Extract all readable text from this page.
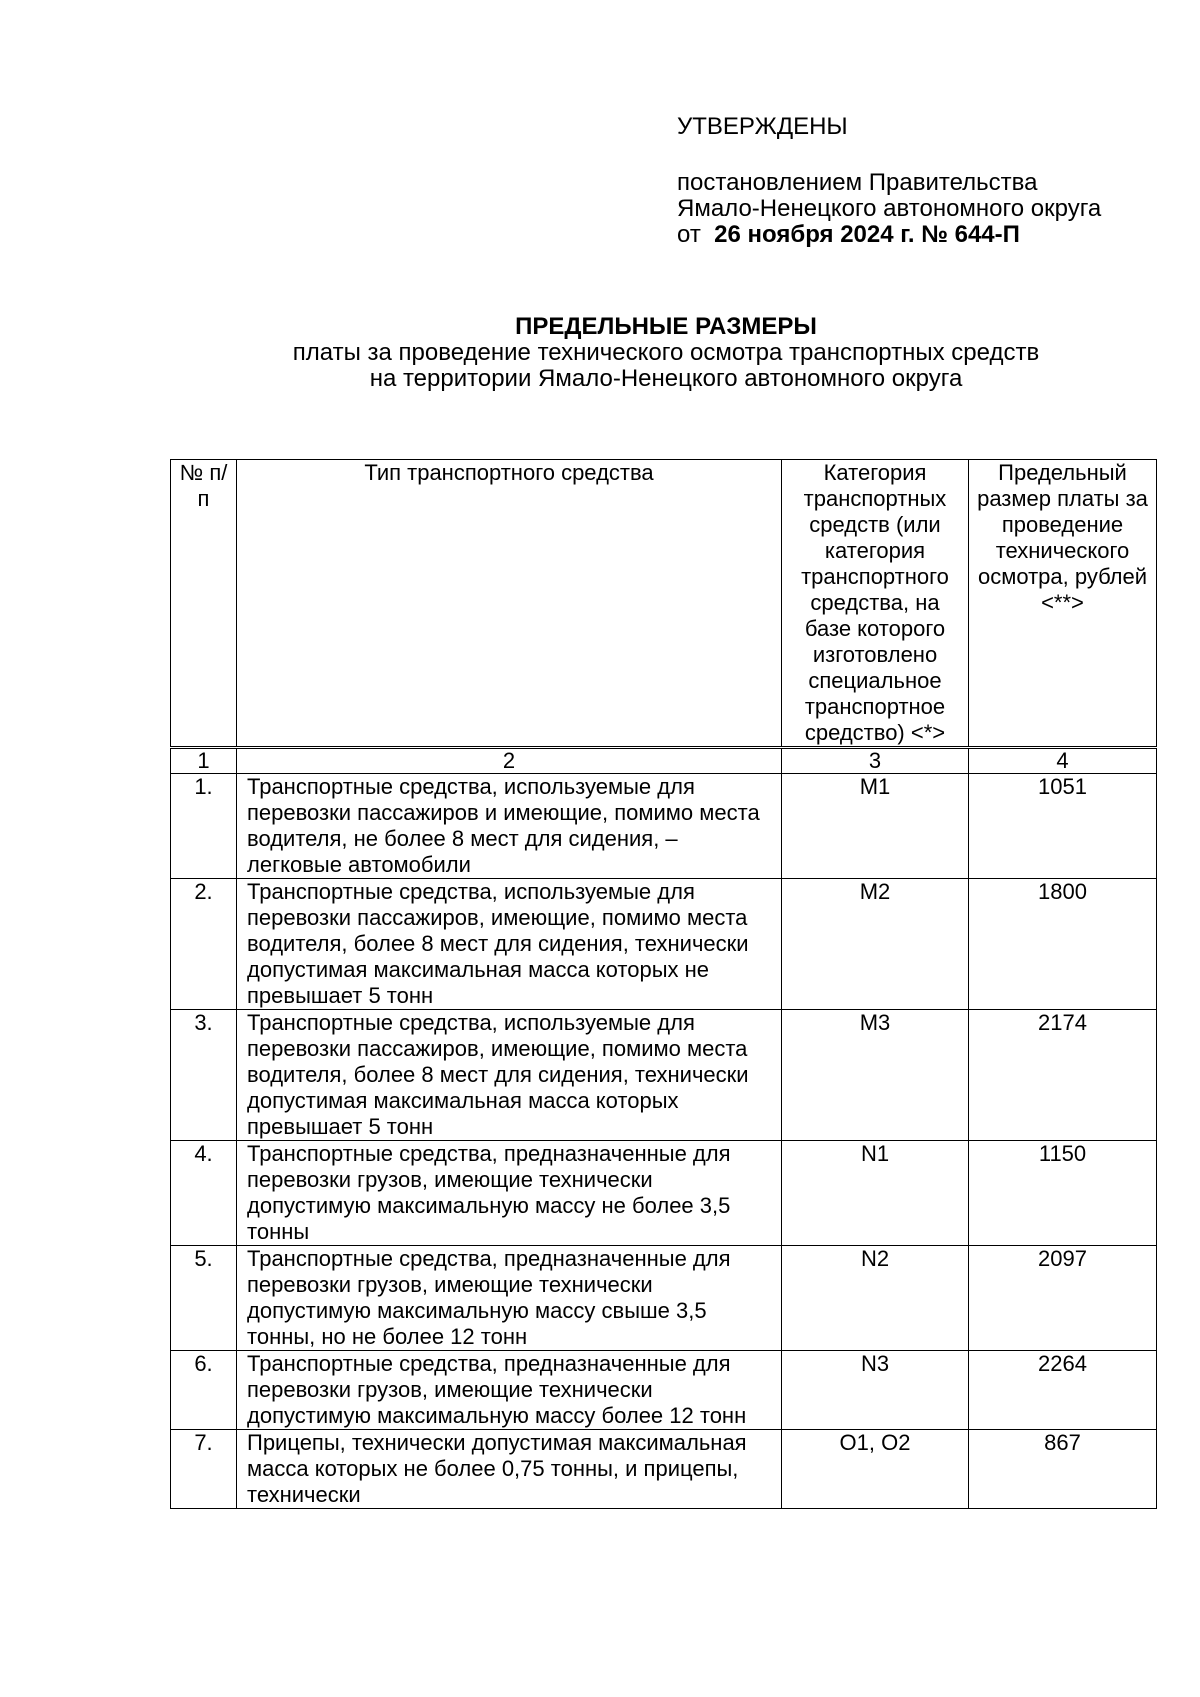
УТВЕРЖДЕНЫ
постановлением Правительства
Ямало-Ненецкого автономного округа
от 26 ноября 2024 г. № 644-П
ПРЕДЕЛЬНЫЕ РАЗМЕРЫ
платы за проведение технического осмотра транспортных средств
на территории Ямало-Ненецкого автономного округа
№ п/п	Тип транспортного средства	Категория транспортных средств (или категория транспортного средства, на базе которого изготовлено специальное транспортное средство) <*>	Предельный размер платы за проведение технического осмотра, рублей <**>
1	2	3	4
1.	Транспортные средства, используемые для перевозки пассажиров и имеющие, помимо места водителя, не более 8 мест для сидения, – легковые автомобили	М1	1051
2.	Транспортные средства, используемые для перевозки пассажиров, имеющие, помимо места водителя, более 8 мест для сидения, технически допустимая максимальная масса которых не превышает 5 тонн	М2	1800
3.	Транспортные средства, используемые для перевозки пассажиров, имеющие, помимо места водителя, более 8 мест для сидения, технически допустимая максимальная масса которых превышает 5 тонн	М3	2174
4.	Транспортные средства, предназначенные для перевозки грузов, имеющие технически допустимую максимальную массу не более 3,5 тонны	N1	1150
5.	Транспортные средства, предназначенные для перевозки грузов, имеющие технически допустимую максимальную массу свыше 3,5 тонны, но не более 12 тонн	N2	2097
6.	Транспортные средства, предназначенные для перевозки грузов, имеющие технически допустимую максимальную массу более 12 тонн	N3	2264
7.	Прицепы, технически допустимая максимальная масса которых не более 0,75 тонны, и прицепы, технически	O1, O2	867
